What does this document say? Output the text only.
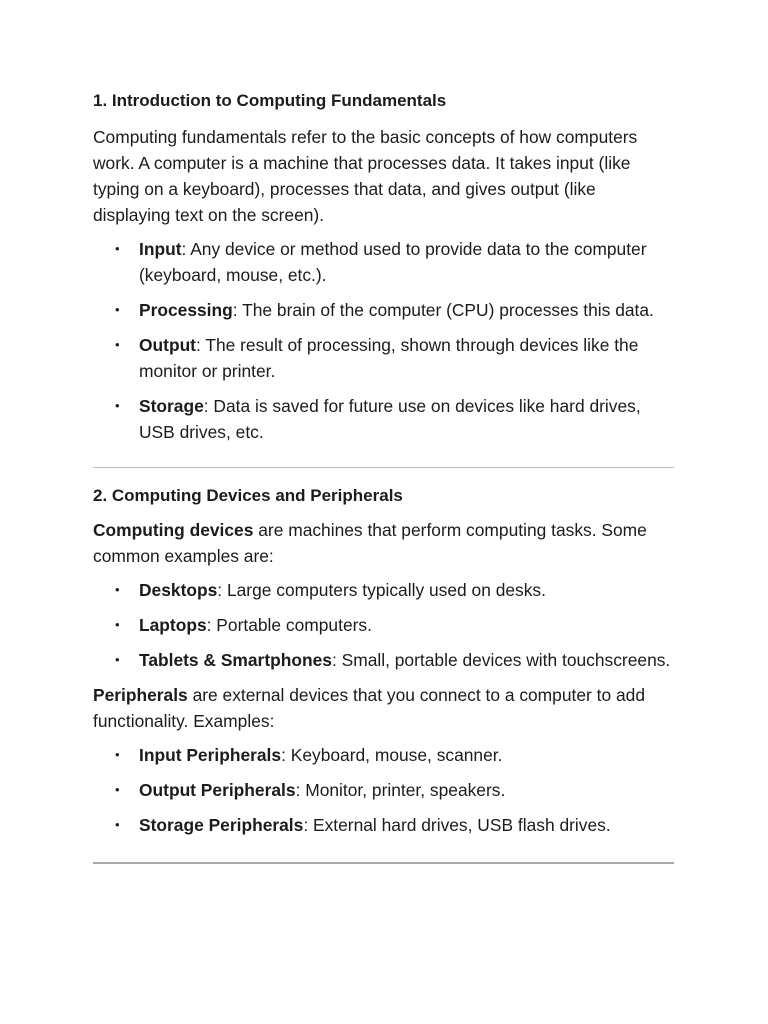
1. Introduction to Computing Fundamentals

Computing fundamentals refer to the basic concepts of how computers work. A computer is a machine that processes data. It takes input (like typing on a keyboard), processes that data, and gives output (like displaying text on the screen).

• Input: Any device or method used to provide data to the computer (keyboard, mouse, etc.).
• Processing: The brain of the computer (CPU) processes this data.
• Output: The result of processing, shown through devices like the monitor or printer.
• Storage: Data is saved for future use on devices like hard drives, USB drives, etc.
2. Computing Devices and Peripherals

Computing devices are machines that perform computing tasks. Some common examples are:

• Desktops: Large computers typically used on desks.
• Laptops: Portable computers.
• Tablets & Smartphones: Small, portable devices with touchscreens.

Peripherals are external devices that you connect to a computer to add functionality. Examples:

• Input Peripherals: Keyboard, mouse, scanner.
• Output Peripherals: Monitor, printer, speakers.
• Storage Peripherals: External hard drives, USB flash drives.
